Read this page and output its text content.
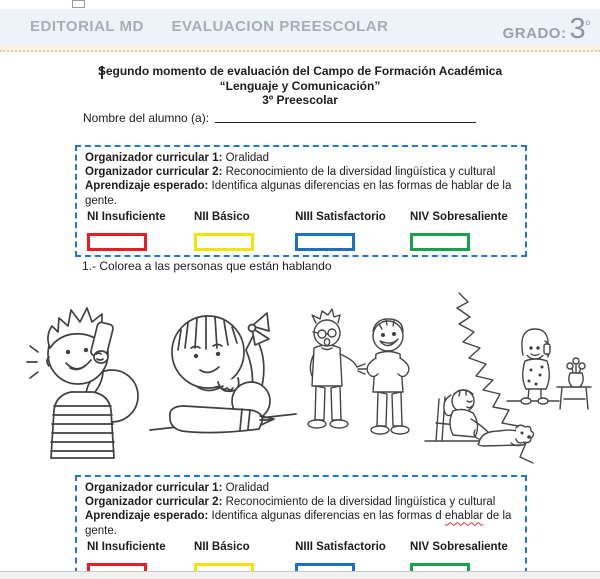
EDITORIAL MD	EVALUACION PREESCOLAR	GRADO: 3 º
Segundo momento de evaluación del Campo de Formación Académica
“Lenguaje y Comunicación”
3º Preescolar
Nombre del alumno (a):
Organizador curricular 1: Oralidad
Organizador curricular 2: Reconocimiento de la diversidad lingüística y cultural
Aprendizaje esperado: Identifica algunas diferencias en las formas de hablar de la gente.
NI Insuficiente	NII Básico	NIII Satisfactorio	NIV Sobresaliente
1.- Colorea a las personas que están hablando
Organizador curricular 1: Oralidad
Organizador curricular 2: Reconocimiento de la diversidad lingüística y cultural
Aprendizaje esperado: Identifica algunas diferencias en las formas d ehablar de la gente.
NI Insuficiente	NII Básico	NIII Satisfactorio	NIV Sobresaliente
